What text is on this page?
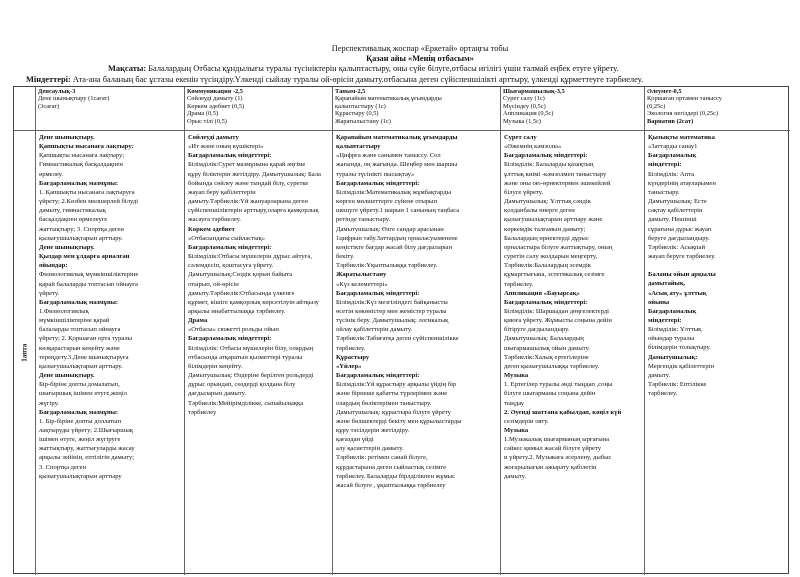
Перспективалық жоспар «Еркетай» ортаңғы тобы
Қазан айы «Менің отбасым»
Мақсаты: Балалардың Отбасы құндылығы туралы түсініктерін қалыптастыру, оны сүйе білуге,отбасы игілігі үшін талмай еңбек етуге үйрету.
Міндеттері: Ата-ана баланың бас ұстазы екенін түсіндіру.Үлкенді сыйлау туралы ой-өрісін дамыту.отбасына деген сүйіспеншілікті арттыру, үлкенді құрметтеуге тәрбиелеу.

Денсаулық-3

Дене шынықтыру (1сағат)

(3сағат)

Коммуникация -2,5

Сөйлеуді дамыту (1)

Көркем әдебиет (0,5)

Драма (0,5)

Орыс тілі (0,5)

Таным-2,5

Қарапайым математикалық ұғымдарды

қалыптастыру (1с)

Құрастыру (0,5)

Жаратылыстану (1с)

Шығармашылық-3,5

Сурет салу (1с)

Мүсіндеу (0,5с)

Аппликация (0,5с)

Музыка (1,5с)

Әлеумет-0,5

Қоршаған ортамен таныссу

(0,25с)

Экология негіздері (0,25с)

Вариатив (2сат)

1апта

Дене шынықтыру.

Қапшықты нысанаға лақтыру:

Қапшықты нысанаға лақтыру;

Гимнастикалық басқалдақпен

өрмелеу.

Бағдарламалық мазмұны:

1. Қапшықты нысанаға лақтыруға

үйрету; 2.Көзбен мөлшерлей білуді

дамыту, гимнастикалық

басқалдақпен өрмелеуге

жаттықтыру; 3. Спортқа деген

қызығушылықтарын арттыру.

Дене шынықтыру.

Қыздар мен ұлдарға арналған

ойындар:

Физиологиялық мүмкіншіліктеріне

қарай балаларды топтасып ойнауға

үйрету.

Бағдарламалық мазмұны:

1.Физиологиялық

мүмкіншіліктеріне қарай

балаларды топтасып ойнауға

үйрету; 2. Қоршаған орта туралы

көзқарастарын кеңейту және

тереңдету.3.Дене шынықтыруға

қызығушылықтарын арттыру.

Дене шынықтыру.

Бір-біріне допты домалатып,

шығыршық ішімен өтуге,жеңіл

жүгіру.

Бағдарламалық мазмұны:

1. Бір-біріне допты доллатып

лақтыруды үйрету; 2.Шығыршық

ішімен өтуге, жеңіл жүгіруге

жаттықтыру, жаттығуларды жасау

арқылы зейінін, ептілігін дамыту;

3. Спортқа деген

қызығушылықтарын арттыру

Сөйлеуді дамыту

«Ит және оның күшіктері»

Бағдарламалық міндеттері:

Білімділік:Сурет мазмұнына қарай әңгіме

құру біліктерін жетілдіру. Дамытушылық: Бала

бойында сөйлеу және тыңдай білу, суретке

жауап беру қабілеттерін

дамыту.Тәрбиелік:Үй жануарларына деген

сүйіспеншіліктерін арттыру,оларға қамқорлық

жасауға тәрбиелеу.

Көркем әдебиет

«Отбасындағы сыйластық»

Бағдарламалық міндеттері:

Білімділік:Отбасы мүшелерін дұрыс айтуға,

сәлемдесіп, қоштасуға үйрету.

Дамытушылық:Сөздік қорын байыта

отырып, ой-өрісін

дамыту.Тәрбиелік:Отбасында үлкенге

құрмет, кішіге қамқорлық көрсетілуін айтқызу

арқылы инабаттылыққа тәрбиелеу.

Драма

«Отбасы» сюжетті рольды ойын

Бағдарламалық міндеттері:

Білімділік: Отбасы мүшелерін білу, олардың

отбасында атқаратын қызметтері туралы

білімдерін кеңейту.

Дамытушылық: Өздеріне берілген рольдерді

дұрыс орындап, сөздерді қолдана білу

дағдыларын дамыту.

Тәрбиелік:Мейірімділікке, сыпайылыққа

тәрбиелеу

Қарапайым математикалық ұғымдарды

қалыптастыру

«Цифрға және санымен таныссу. Сол

жағында, оң жағында. Шеңбер мен шаршы

туралы түсінікті пысықтау»

Бағдарламалық міндеттері:

Білімділік:Математикалық жұмбақтарды

көрген мөлшеттерге сүйене отырып

шешуге үйрету.1 шарын 1 санының таңбаса

ретінде таныстыру.

Дамытушылық: Өзге сандар арасынан

1цифрын табу.Заттардың орналасуыменене

кеңістікте бағдар жасай білу дағдыларын

бекіту.

Тәрбиелік:Ұқыптылыққа тәрбиелеу.

Жаратылыстану

«Күз келеметтері»

Бағдарламалық міндеттері:

Білімділік:Күз мезгіліндегі байқанысты

өсетін көкөністер мен жемістер туралы

түсінік беру. Дамытушылық: логикалық

ойлау қабілеттерін дамыту.

Тәрбиелік:Табиғатқа деген сүйіспеншілікке

тәрбиелеу.

Құрастыру

«Үйлер»

Бағдарламалық міндеттері:

Білімділік:Үй құрастыру арқылы үйдің бір

және бірнеше қабатты түрлерімен және

олардың бөліктерімен таныстыру.

Дамытушылық: құрастыра білуге үйрету

және бөлшектерді бекіту мен құрылыстарды

құру тәсілдерін жетілдіру.

қағаздан үйді

алу қасиеттерін дамыту.

Тәрбиелік: ретімен санай білуге,

құрдастарына деген сыйластық сезімге

тәрбиелеу. Балаларды бірлділікпен жұмыс

жасай білуге , ұқыптылыққа тәрбиелеу

Сурет салу

«Әжемнің кәмзолы»

Бағдарламалық міндеттері:

Білімділік: Балаларды қазақтың

ұлттық киімі -кәмзолмен таныстыру

және оны ою-өрнектермен әшекейлей

білуге үйрету.

Дамытушылық: Ұлттық сәндік

қолданбалы өнерге деген

қызығушылықтарын арттыру және

көркемдік талғамын дамыту;

Балалардың өрнектерді дұрыс

орналастыра білуге жаттықтыру, оның

суретін салу жолдарын меңгерту,

Тәрбиелік:Балалардың эсемдік

құмаргтығына, эстетикалық сезімге

тәрбиелеу.

Аппликация «Бауырсақ»

Бағдарламалық міндеттері:

Білімділік: Шаршыдан дөңгелектерді

қиюға үйрету. Жұмысты соңына дейін

бітіруге дағдыландыру.

Дамытушылық: Балалардың

шығармашылық ойын дамыту.

Тәрбиелік:Халық ертегілеріне

деген қызығушылыққа тәрбиелеу.

Музыка

1. Ертегілер туралы әнді тыңдап ,соңы

білуге шығарманы соңына дейін

тыңдау

2. Әуенді шаттана қабылдап, көңіл күй

сезімдерін ояту.

Музыка

1.Музыкалық шығарманың ырғағына

сәйкес қимыл жасай білуге үйрету

и үйрету.2. Музыкаға әсерлену, дыбыс

жоғарылығын ажырату қабілетін

дамыту.

Қызықты математика

«Заттарды санау1

Бағдарламалық

міндеттері:

Білімділік: Апта

күндерінің атауларымен

таныстыру.

Дамытушылық: Есте

сақтау қабілеттерін

дамыту. Нешінші

сұрағына дұрыс жауап

беруге дағдыландыру.

Тәрбиелік: Асықпай

жауап беруге тәрбиелеу.

Баланы ойын арқылы

дамытайық.

«Асық ату» ұлттық

ойыны

Бағдарламалық

міндеттері:

Білімділік: Ұлттық

ойындар туралы

білімдерін толықтыру.

Дамытушылық:

Мергендік қабілеттерін

дамыту.

Тәрбиелік: Ептілікке

тәрбиелеу.
